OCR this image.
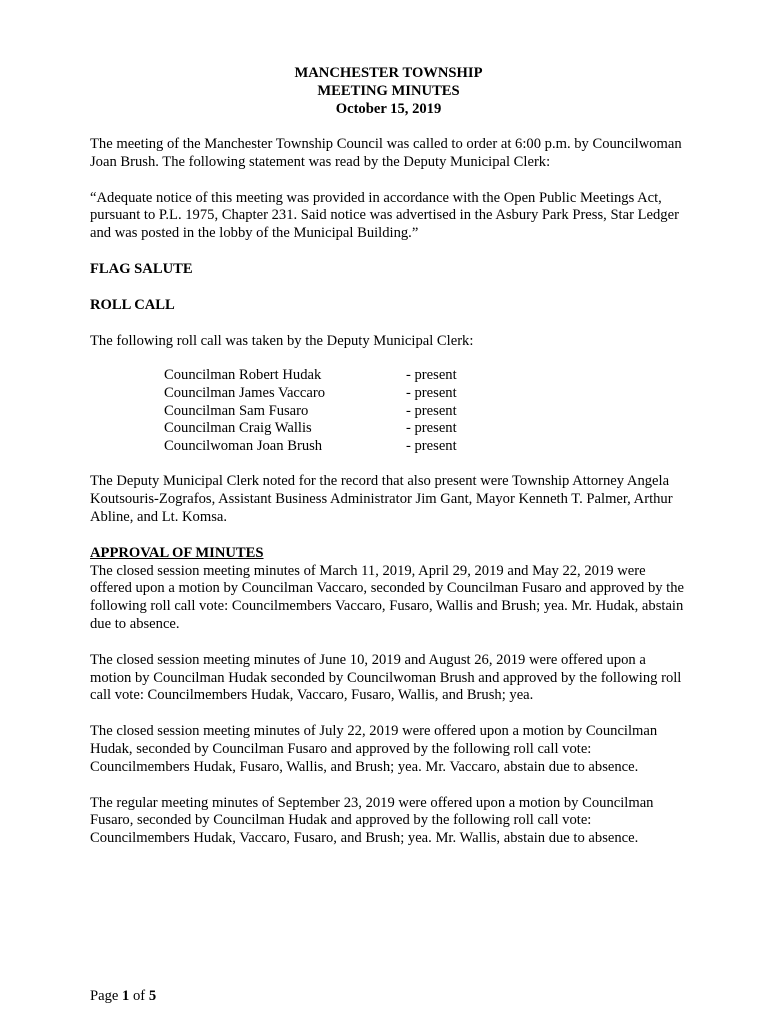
MANCHESTER TOWNSHIP
MEETING MINUTES
October 15, 2019

The meeting of the Manchester Township Council was called to order at 6:00 p.m. by Councilwoman Joan Brush. The following statement was read by the Deputy Municipal Clerk:

“Adequate notice of this meeting was provided in accordance with the Open Public Meetings Act, pursuant to P.L. 1975, Chapter 231. Said notice was advertised in the Asbury Park Press, Star Ledger and was posted in the lobby of the Municipal Building.”

FLAG SALUTE

ROLL CALL

The following roll call was taken by the Deputy Municipal Clerk:

Councilman Robert Hudak	- present
Councilman James Vaccaro	- present
Councilman Sam Fusaro	- present
Councilman Craig Wallis	- present
Councilwoman Joan Brush	- present

The Deputy Municipal Clerk noted for the record that also present were Township Attorney Angela Koutsouris-Zografos, Assistant Business Administrator Jim Gant, Mayor Kenneth T. Palmer, Arthur Abline, and Lt. Komsa.

APPROVAL OF MINUTES

The closed session meeting minutes of March 11, 2019, April 29, 2019 and May 22, 2019 were offered upon a motion by Councilman Vaccaro, seconded by Councilman Fusaro and approved by the following roll call vote: Councilmembers Vaccaro, Fusaro, Wallis and Brush; yea. Mr. Hudak, abstain due to absence.

The closed session meeting minutes of June 10, 2019 and August 26, 2019 were offered upon a motion by Councilman Hudak seconded by Councilwoman Brush and approved by the following roll call vote: Councilmembers Hudak, Vaccaro, Fusaro, Wallis, and Brush; yea.

The closed session meeting minutes of July 22, 2019 were offered upon a motion by Councilman Hudak, seconded by Councilman Fusaro and approved by the following roll call vote: Councilmembers Hudak, Fusaro, Wallis, and Brush; yea. Mr. Vaccaro, abstain due to absence.

The regular meeting minutes of September 23, 2019 were offered upon a motion by Councilman Fusaro, seconded by Councilman Hudak and approved by the following roll call vote: Councilmembers Hudak, Vaccaro, Fusaro, and Brush; yea. Mr. Wallis, abstain due to absence.

Page 1 of 5
